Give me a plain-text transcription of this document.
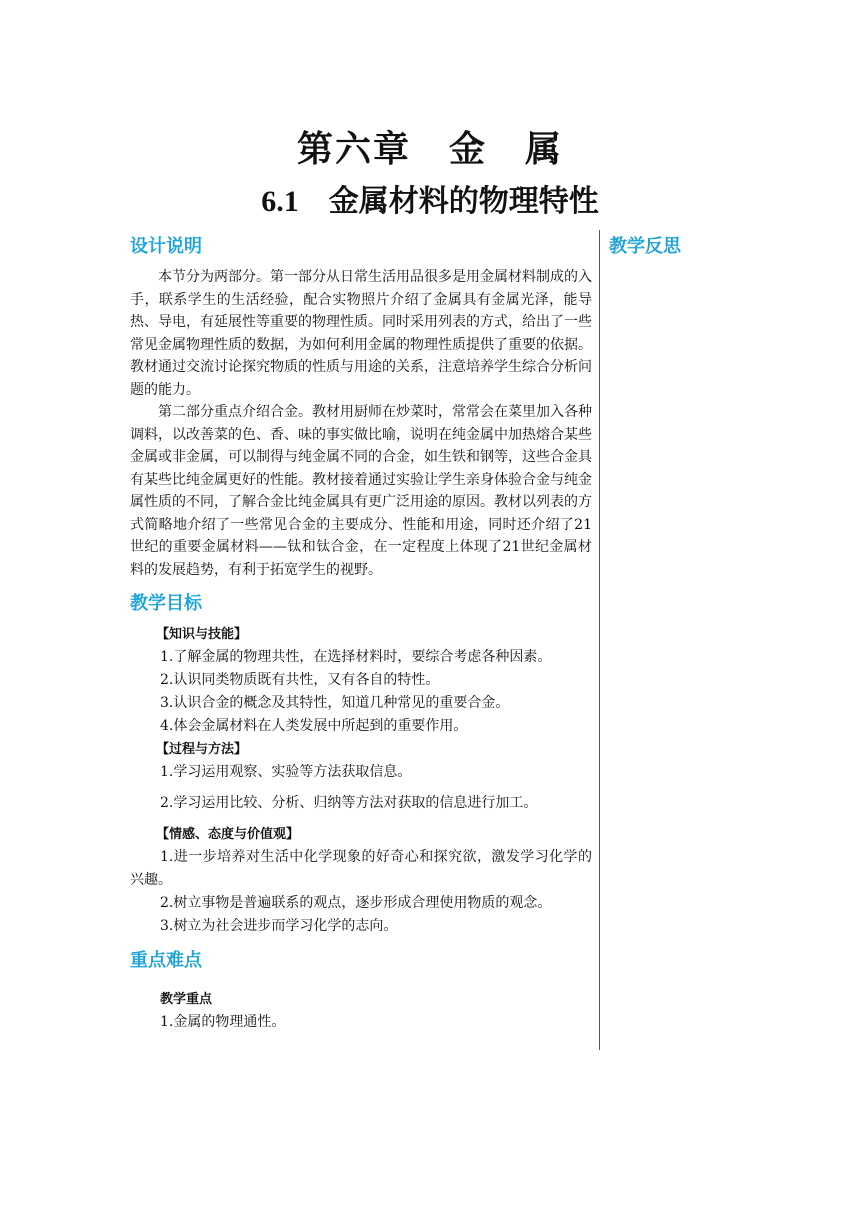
第六章　金　属
6.1 金属材料的物理特性
设计说明

本节分为两部分。第一部分从日常生活用品很多是用金属材料制成的入手，联系学生的生活经验，配合实物照片介绍了金属具有金属光泽，能导热、导电，有延展性等重要的物理性质。同时采用列表的方式，给出了一些常见金属物理性质的数据，为如何利用金属的物理性质提供了重要的依据。教材通过交流讨论探究物质的性质与用途的关系，注意培养学生综合分析问题的能力。

第二部分重点介绍合金。教材用厨师在炒菜时，常常会在菜里加入各种调料，以改善菜的色、香、味的事实做比喻，说明在纯金属中加热熔合某些金属或非金属，可以制得与纯金属不同的合金，如生铁和钢等，这些合金具有某些比纯金属更好的性能。教材接着通过实验让学生亲身体验合金与纯金属性质的不同，了解合金比纯金属具有更广泛用途的原因。教材以列表的方式简略地介绍了一些常见合金的主要成分、性能和用途，同时还介绍了21世纪的重要金属材料——钛和钛合金，在一定程度上体现了21世纪金属材料的发展趋势，有利于拓宽学生的视野。

教学目标

【知识与技能】

1.了解金属的物理共性，在选择材料时，要综合考虑各种因素。

2.认识同类物质既有共性，又有各自的特性。

3.认识合金的概念及其特性，知道几种常见的重要合金。

4.体会金属材料在人类发展中所起到的重要作用。

【过程与方法】

1.学习运用观察、实验等方法获取信息。

2.学习运用比较、分析、归纳等方法对获取的信息进行加工。

【情感、态度与价值观】

1.进一步培养对生活中化学现象的好奇心和探究欲，激发学习化学的兴趣。

2.树立事物是普遍联系的观点，逐步形成合理使用物质的观念。

3.树立为社会进步而学习化学的志向。

重点难点

教学重点

1.金属的物理通性。

教学反思
